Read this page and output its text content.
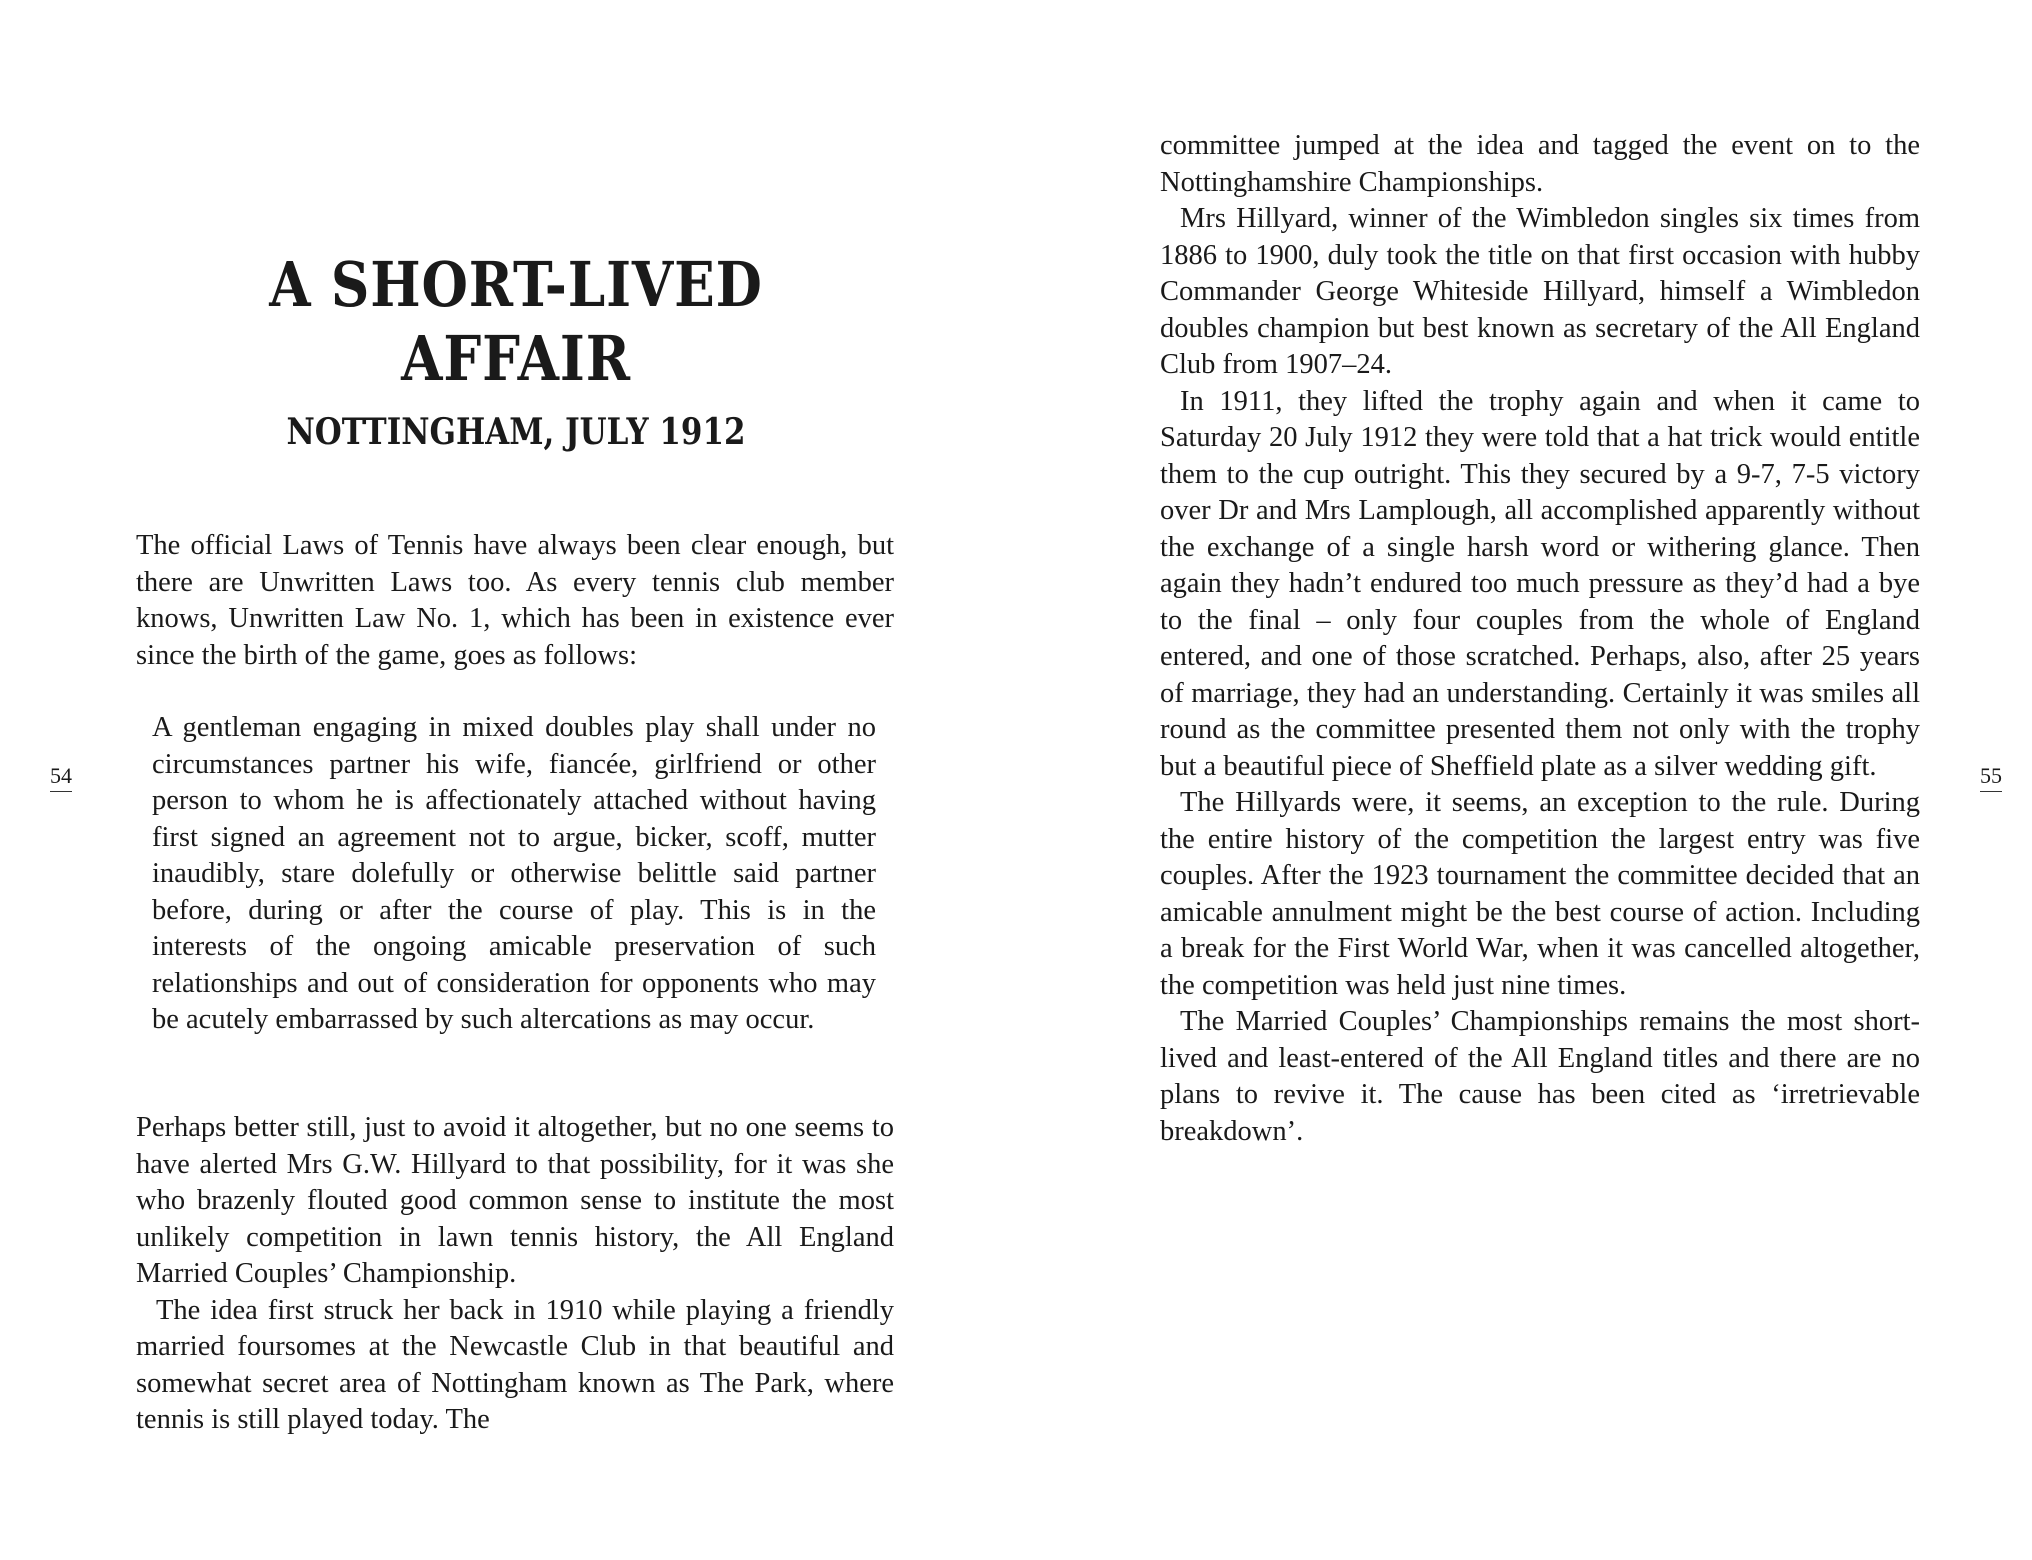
A SHORT-LIVED AFFAIR
NOTTINGHAM, JULY 1912

The official Laws of Tennis have always been clear enough, but there are Unwritten Laws too. As every tennis club member knows, Unwritten Law No. 1, which has been in existence ever since the birth of the game, goes as follows:

A gentleman engaging in mixed doubles play shall under no circumstances partner his wife, fiancée, girlfriend or other person to whom he is affectionately attached without having first signed an agreement not to argue, bicker, scoff, mutter inaudibly, stare dolefully or otherwise belittle said partner before, during or after the course of play. This is in the interests of the ongoing amicable preservation of such relationships and out of consideration for opponents who may be acutely embarrassed by such altercations as may occur.

Perhaps better still, just to avoid it altogether, but no one seems to have alerted Mrs G.W. Hillyard to that possibility, for it was she who brazenly flouted good common sense to institute the most unlikely competition in lawn tennis history, the All England Married Couples’ Championship.

The idea first struck her back in 1910 while playing a friendly married foursomes at the Newcastle Club in that beautiful and somewhat secret area of Nottingham known as The Park, where tennis is still played today. The

54

committee jumped at the idea and tagged the event on to the Nottinghamshire Championships.

Mrs Hillyard, winner of the Wimbledon singles six times from 1886 to 1900, duly took the title on that first occasion with hubby Commander George Whiteside Hillyard, himself a Wimbledon doubles champion but best known as secretary of the All England Club from 1907–24.

In 1911, they lifted the trophy again and when it came to Saturday 20 July 1912 they were told that a hat trick would entitle them to the cup outright. This they secured by a 9-7, 7-5 victory over Dr and Mrs Lamplough, all accomplished apparently without the exchange of a single harsh word or withering glance. Then again they hadn’t endured too much pressure as they’d had a bye to the final – only four couples from the whole of England entered, and one of those scratched. Perhaps, also, after 25 years of marriage, they had an understanding. Certainly it was smiles all round as the committee presented them not only with the trophy but a beautiful piece of Sheffield plate as a silver wedding gift.

The Hillyards were, it seems, an exception to the rule. During the entire history of the competition the largest entry was five couples. After the 1923 tournament the committee decided that an amicable annulment might be the best course of action. Including a break for the First World War, when it was cancelled altogether, the competition was held just nine times.

The Married Couples’ Championships remains the most short-lived and least-entered of the All England titles and there are no plans to revive it. The cause has been cited as ‘irretrievable breakdown’.

55
